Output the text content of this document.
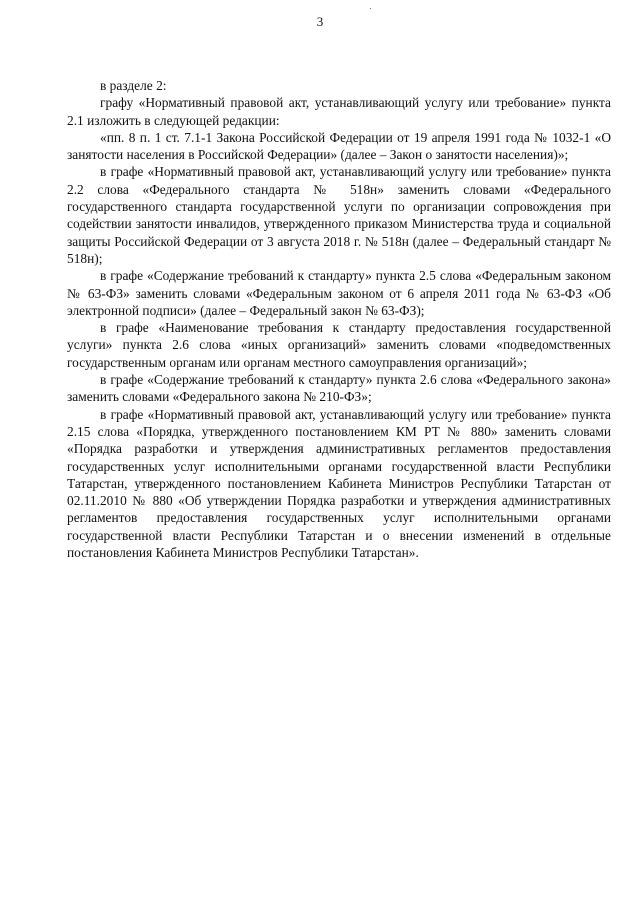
3

в разделе 2:

графу «Нормативный правовой акт, устанавливающий услугу или требование» пункта 2.1 изложить в следующей редакции:

«пп. 8 п. 1 ст. 7.1-1 Закона Российской Федерации от 19 апреля 1991 года № 1032-1 «О занятости населения в Российской Федерации» (далее – Закон о занятости населения)»;

в графе «Нормативный правовой акт, устанавливающий услугу или требование» пункта 2.2 слова «Федерального стандарта № 518н» заменить словами «Федерального государственного стандарта государственной услуги по организации сопровождения при содействии занятости инвалидов, утвержденного приказом Министерства труда и социальной защиты Российской Федерации от 3 августа 2018 г. № 518н (далее – Федеральный стандарт № 518н);

в графе «Содержание требований к стандарту» пункта 2.5 слова «Федеральным законом № 63-ФЗ» заменить словами «Федеральным законом от 6 апреля 2011 года № 63-ФЗ «Об электронной подписи» (далее – Федеральный закон № 63-ФЗ);

в графе «Наименование требования к стандарту предоставления государственной услуги» пункта 2.6 слова «иных организаций» заменить словами «подведомственных государственным органам или органам местного самоуправления организаций»;

в графе «Содержание требований к стандарту» пункта 2.6 слова «Федерального закона» заменить словами «Федерального закона № 210-ФЗ»;

в графе «Нормативный правовой акт, устанавливающий услугу или требование» пункта 2.15 слова «Порядка, утвержденного постановлением КМ РТ № 880» заменить словами «Порядка разработки и утверждения административных регламентов предоставления государственных услуг исполнительными органами государственной власти Республики Татарстан, утвержденного постановлением Кабинета Министров Республики Татарстан от 02.11.2010 № 880 «Об утверждении Порядка разработки и утверждения административных регламентов предоставления государственных услуг исполнительными органами государственной власти Республики Татарстан и о внесении изменений в отдельные постановления Кабинета Министров Республики Татарстан».
